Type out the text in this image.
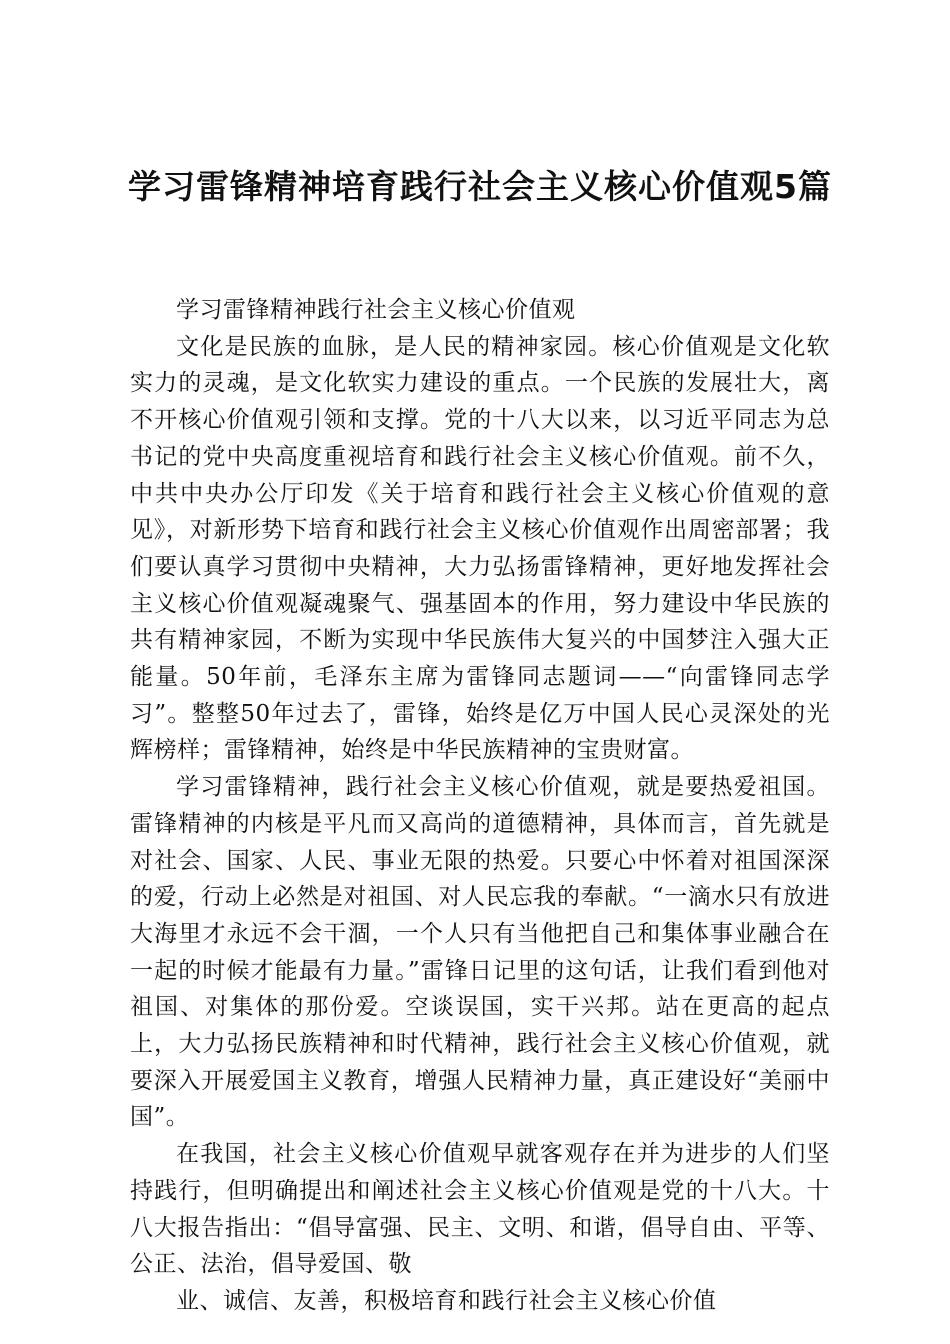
学习雷锋精神培育践行社会主义核心价值观5篇

学习雷锋精神践行社会主义核心价值观

文化是民族的血脉，是人民的精神家园。核心价值观是文化软实力的灵魂，是文化软实力建设的重点。一个民族的发展壮大，离不开核心价值观引领和支撑。党的十八大以来，以习近平同志为总书记的党中央高度重视培育和践行社会主义核心价值观。前不久，中共中央办公厅印发《关于培育和践行社会主义核心价值观的意见》，对新形势下培育和践行社会主义核心价值观作出周密部署；我们要认真学习贯彻中央精神，大力弘扬雷锋精神，更好地发挥社会主义核心价值观凝魂聚气、强基固本的作用，努力建设中华民族的共有精神家园，不断为实现中华民族伟大复兴的中国梦注入强大正能量。50年前，毛泽东主席为雷锋同志题词——“向雷锋同志学习”。整整50年过去了，雷锋，始终是亿万中国人民心灵深处的光辉榜样；雷锋精神，始终是中华民族精神的宝贵财富。

学习雷锋精神，践行社会主义核心价值观，就是要热爱祖国。雷锋精神的内核是平凡而又高尚的道德精神，具体而言，首先就是对社会、国家、人民、事业无限的热爱。只要心中怀着对祖国深深的爱，行动上必然是对祖国、对人民忘我的奉献。“一滴水只有放进大海里才永远不会干涸，一个人只有当他把自己和集体事业融合在一起的时候才能最有力量。”雷锋日记里的这句话，让我们看到他对祖国、对集体的那份爱。空谈误国，实干兴邦。站在更高的起点上，大力弘扬民族精神和时代精神，践行社会主义核心价值观，就要深入开展爱国主义教育，增强人民精神力量，真正建设好“美丽中国”。

在我国，社会主义核心价值观早就客观存在并为进步的人们坚持践行，但明确提出和阐述社会主义核心价值观是党的十八大。十八大报告指出：“倡导富强、民主、文明、和谐，倡导自由、平等、公正、法治，倡导爱国、敬

业、诚信、友善，积极培育和践行社会主义核心价值
